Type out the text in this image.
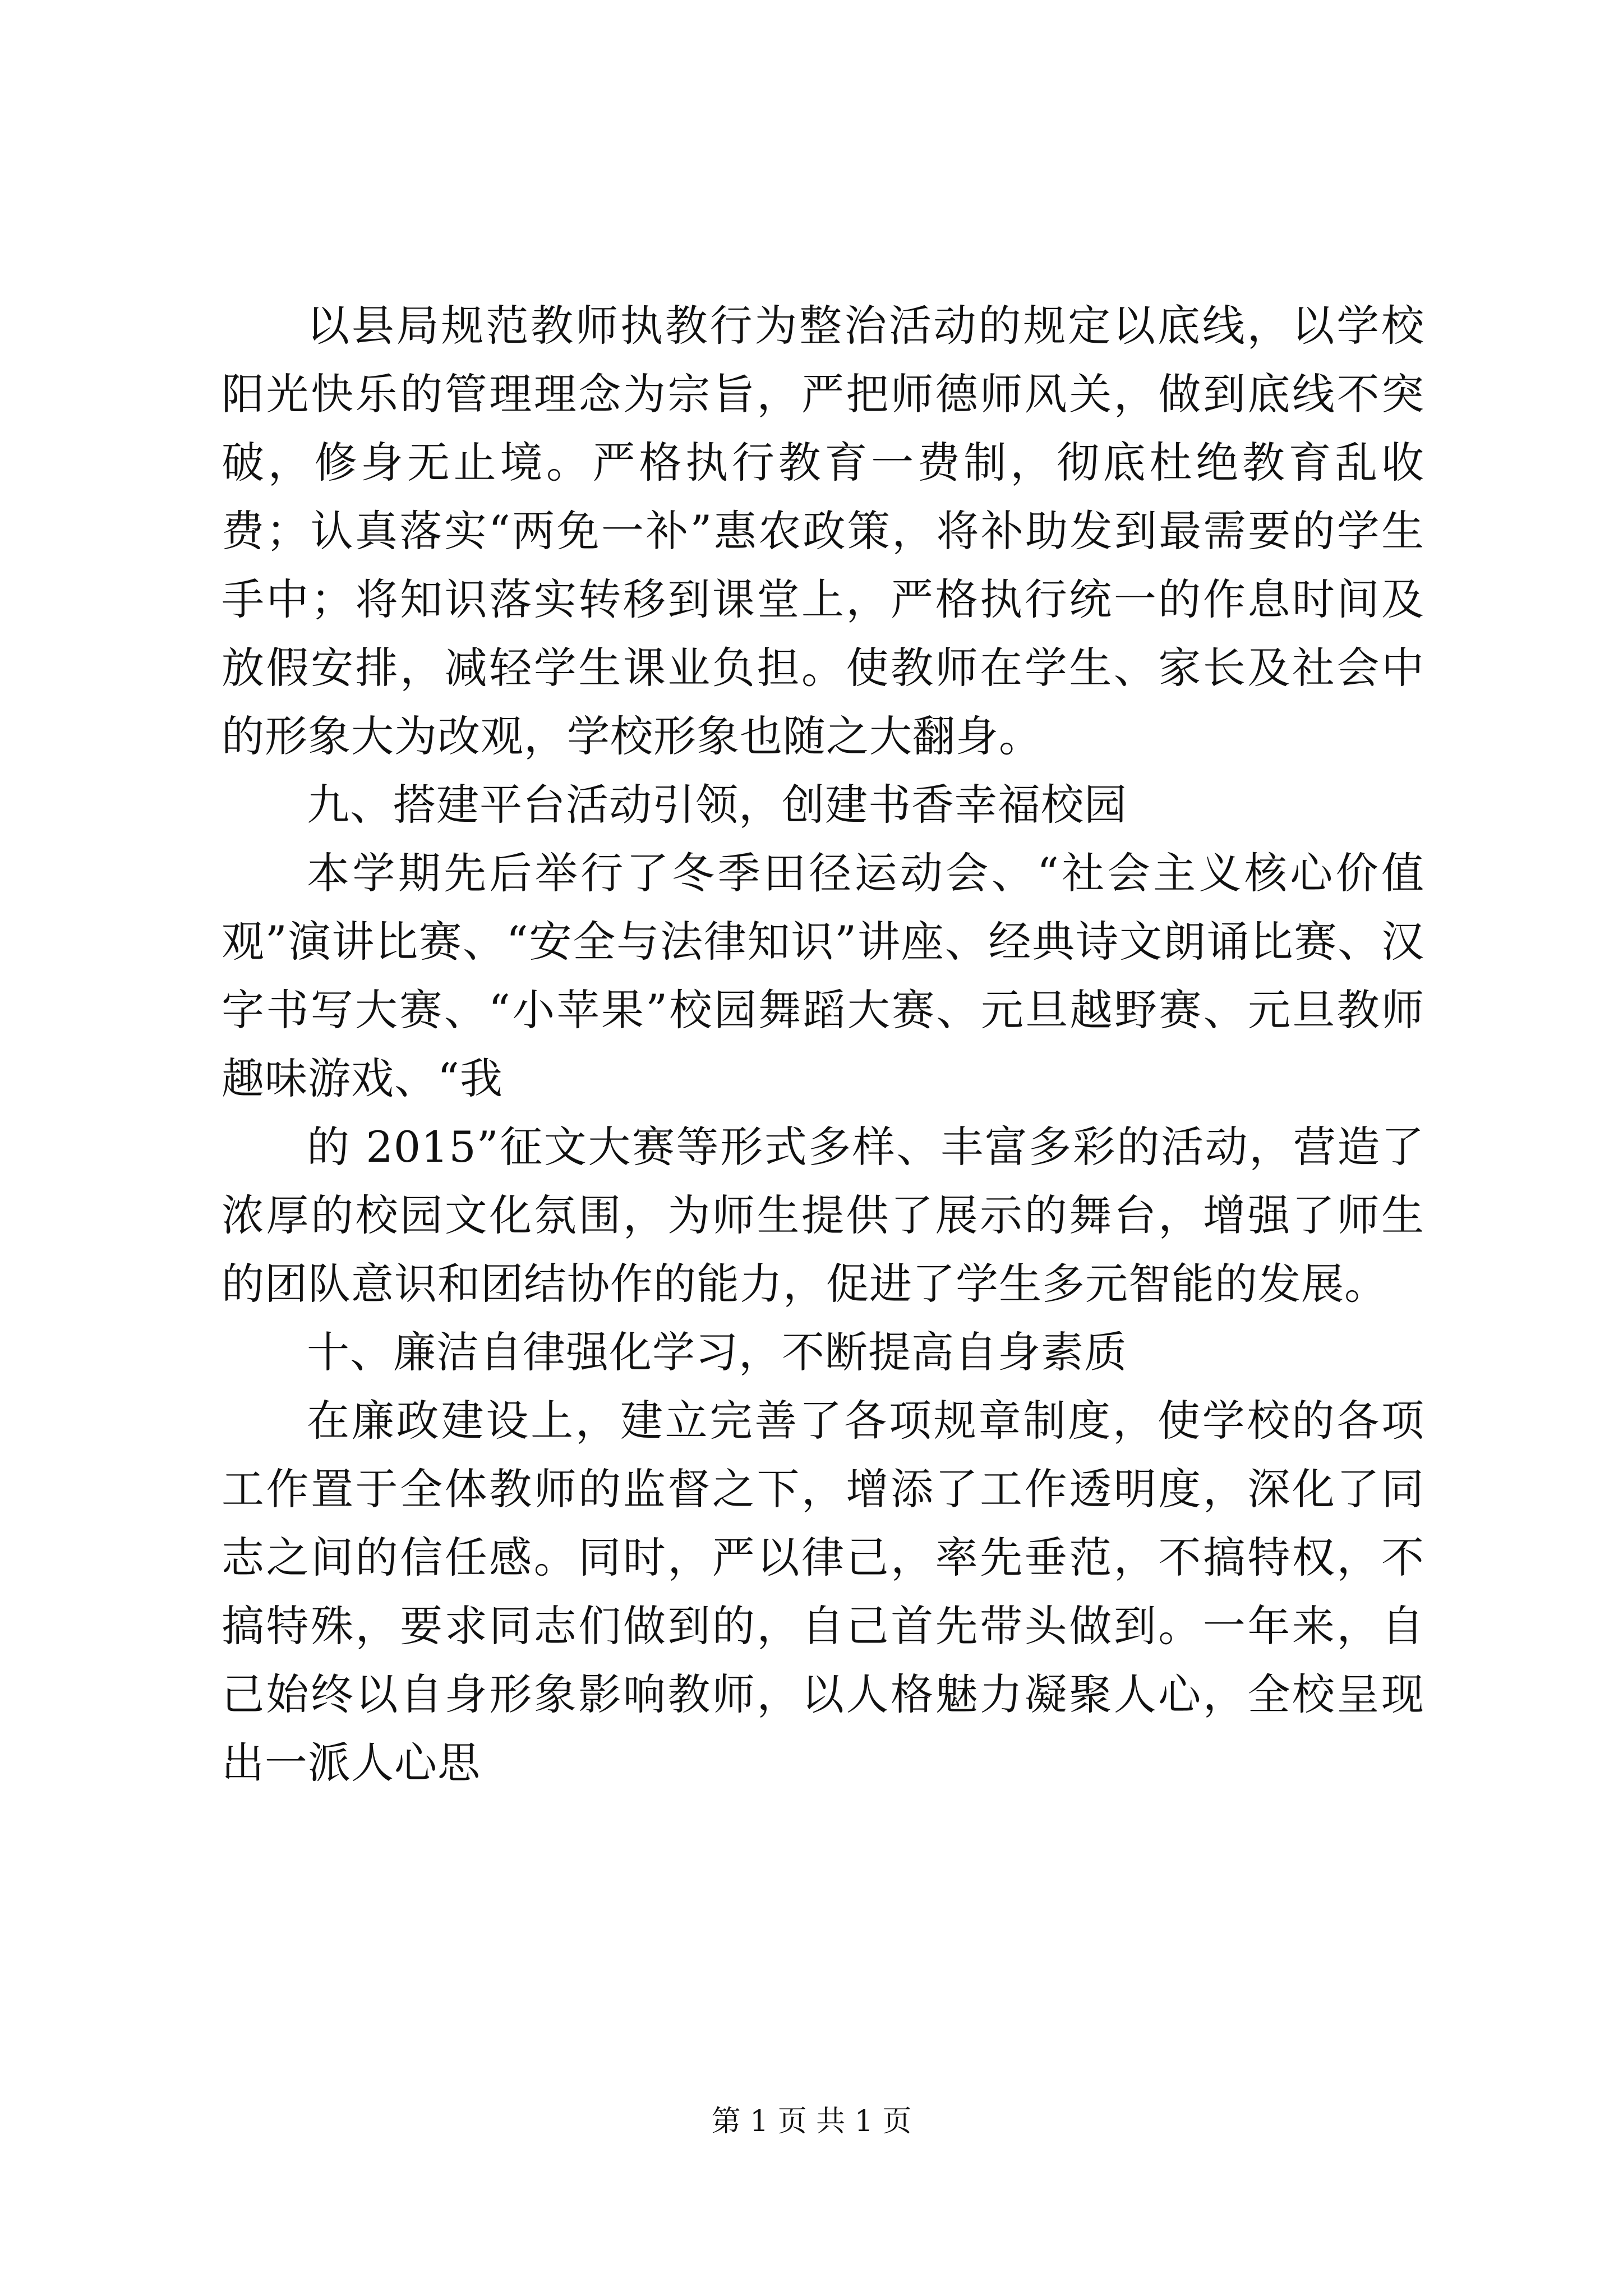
以县局规范教师执教行为整治活动的规定以底线，以学校阳光快乐的管理理念为宗旨，严把师德师风关，做到底线不突破，修身无止境。严格执行教育一费制，彻底杜绝教育乱收费；认真落实“两免一补”惠农政策，将补助发到最需要的学生手中；将知识落实转移到课堂上，严格执行统一的作息时间及放假安排，减轻学生课业负担。使教师在学生、家长及社会中的形象大为改观，学校形象也随之大翻身。

九、搭建平台活动引领，创建书香幸福校园

本学期先后举行了冬季田径运动会、“社会主义核心价值观”演讲比赛、“安全与法律知识”讲座、经典诗文朗诵比赛、汉字书写大赛、“小苹果”校园舞蹈大赛、元旦越野赛、元旦教师趣味游戏、“我

的 2015”征文大赛等形式多样、丰富多彩的活动，营造了浓厚的校园文化氛围，为师生提供了展示的舞台，增强了师生的团队意识和团结协作的能力，促进了学生多元智能的发展。

十、廉洁自律强化学习，不断提高自身素质

在廉政建设上，建立完善了各项规章制度，使学校的各项工作置于全体教师的监督之下，增添了工作透明度，深化了同志之间的信任感。同时，严以律己，率先垂范，不搞特权，不搞特殊，要求同志们做到的，自己首先带头做到。一年来，自己始终以自身形象影响教师，以人格魅力凝聚人心，全校呈现出一派人心思

第 1 页 共 1 页
